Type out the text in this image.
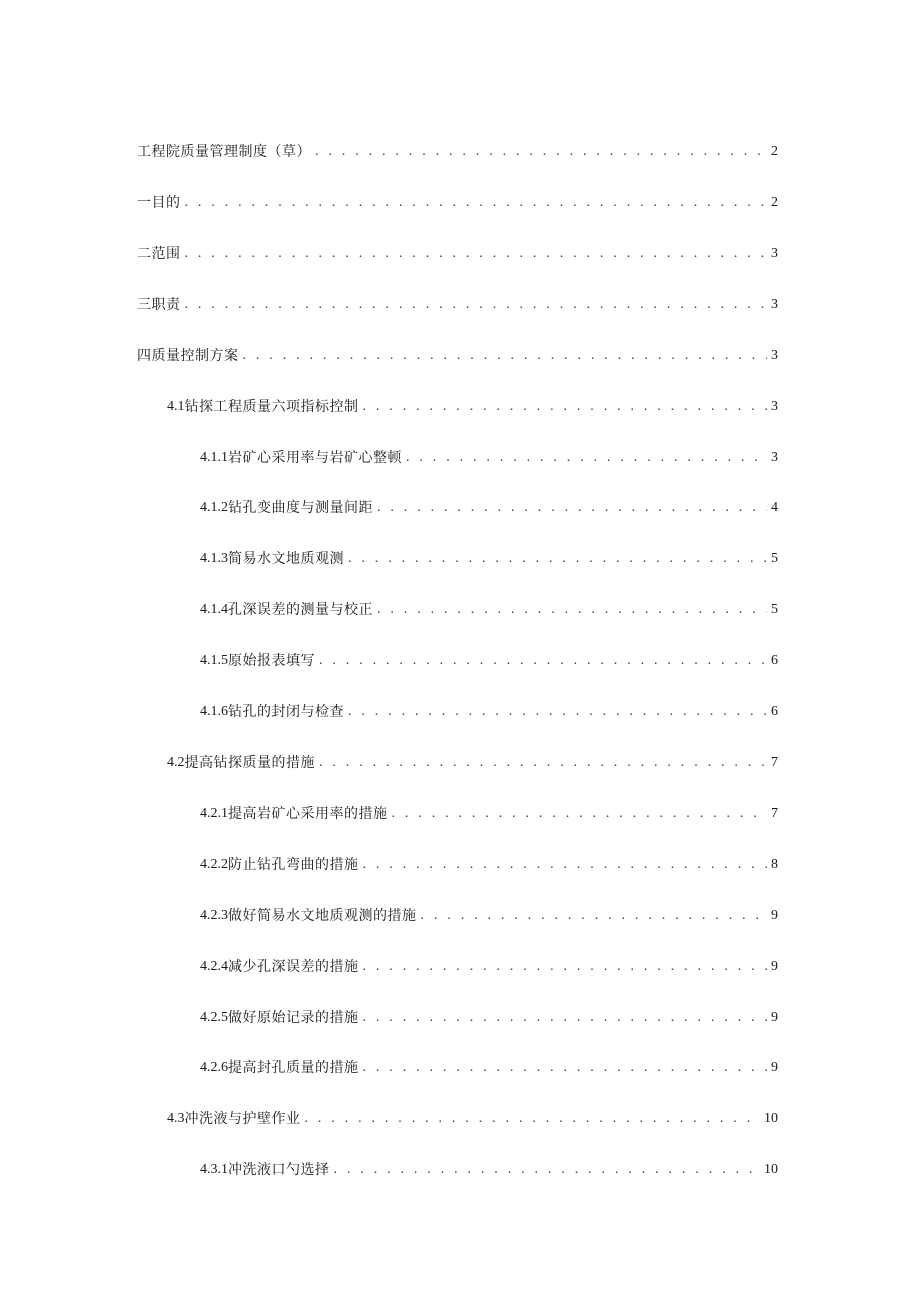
工程院质量管理制度（草） . . .	2
一目的 . . .	2
二范围 . . .	3
三职责 . . .	3
四质量控制方案 . . .	3
4.1 钻探工程质量六项指标控制 . . .	3
4.1.1 岩矿心采用率与岩矿心整顿 . . .	3
4.1.2 钻孔变曲度与测量间距 . . .	4
4.1.3 简易水文地质观测 . . .	5
4.1.4 孔深误差的测量与校正 . . .	5
4.1.5 原始报表填写 . . .	6
4.1.6 钻孔的封闭与检查 . . .	6
4.2 提高钻探质量的措施 . . .	7
4.2.1 提高岩矿心采用率的措施 . . .	7
4.2.2 防止钻孔弯曲的措施 . . .	8
4.2.3 做好简易水文地质观测的措施 . . .	9
4.2.4 减少孔深误差的措施 . . .	9
4.2.5 做好原始记录的措施 . . .	9
4.2.6 提高封孔质量的措施 . . .	9
4.3 冲洗液与护壁作业 . . .	10
4.3.1 冲洗液口勺选择 . . .	10
